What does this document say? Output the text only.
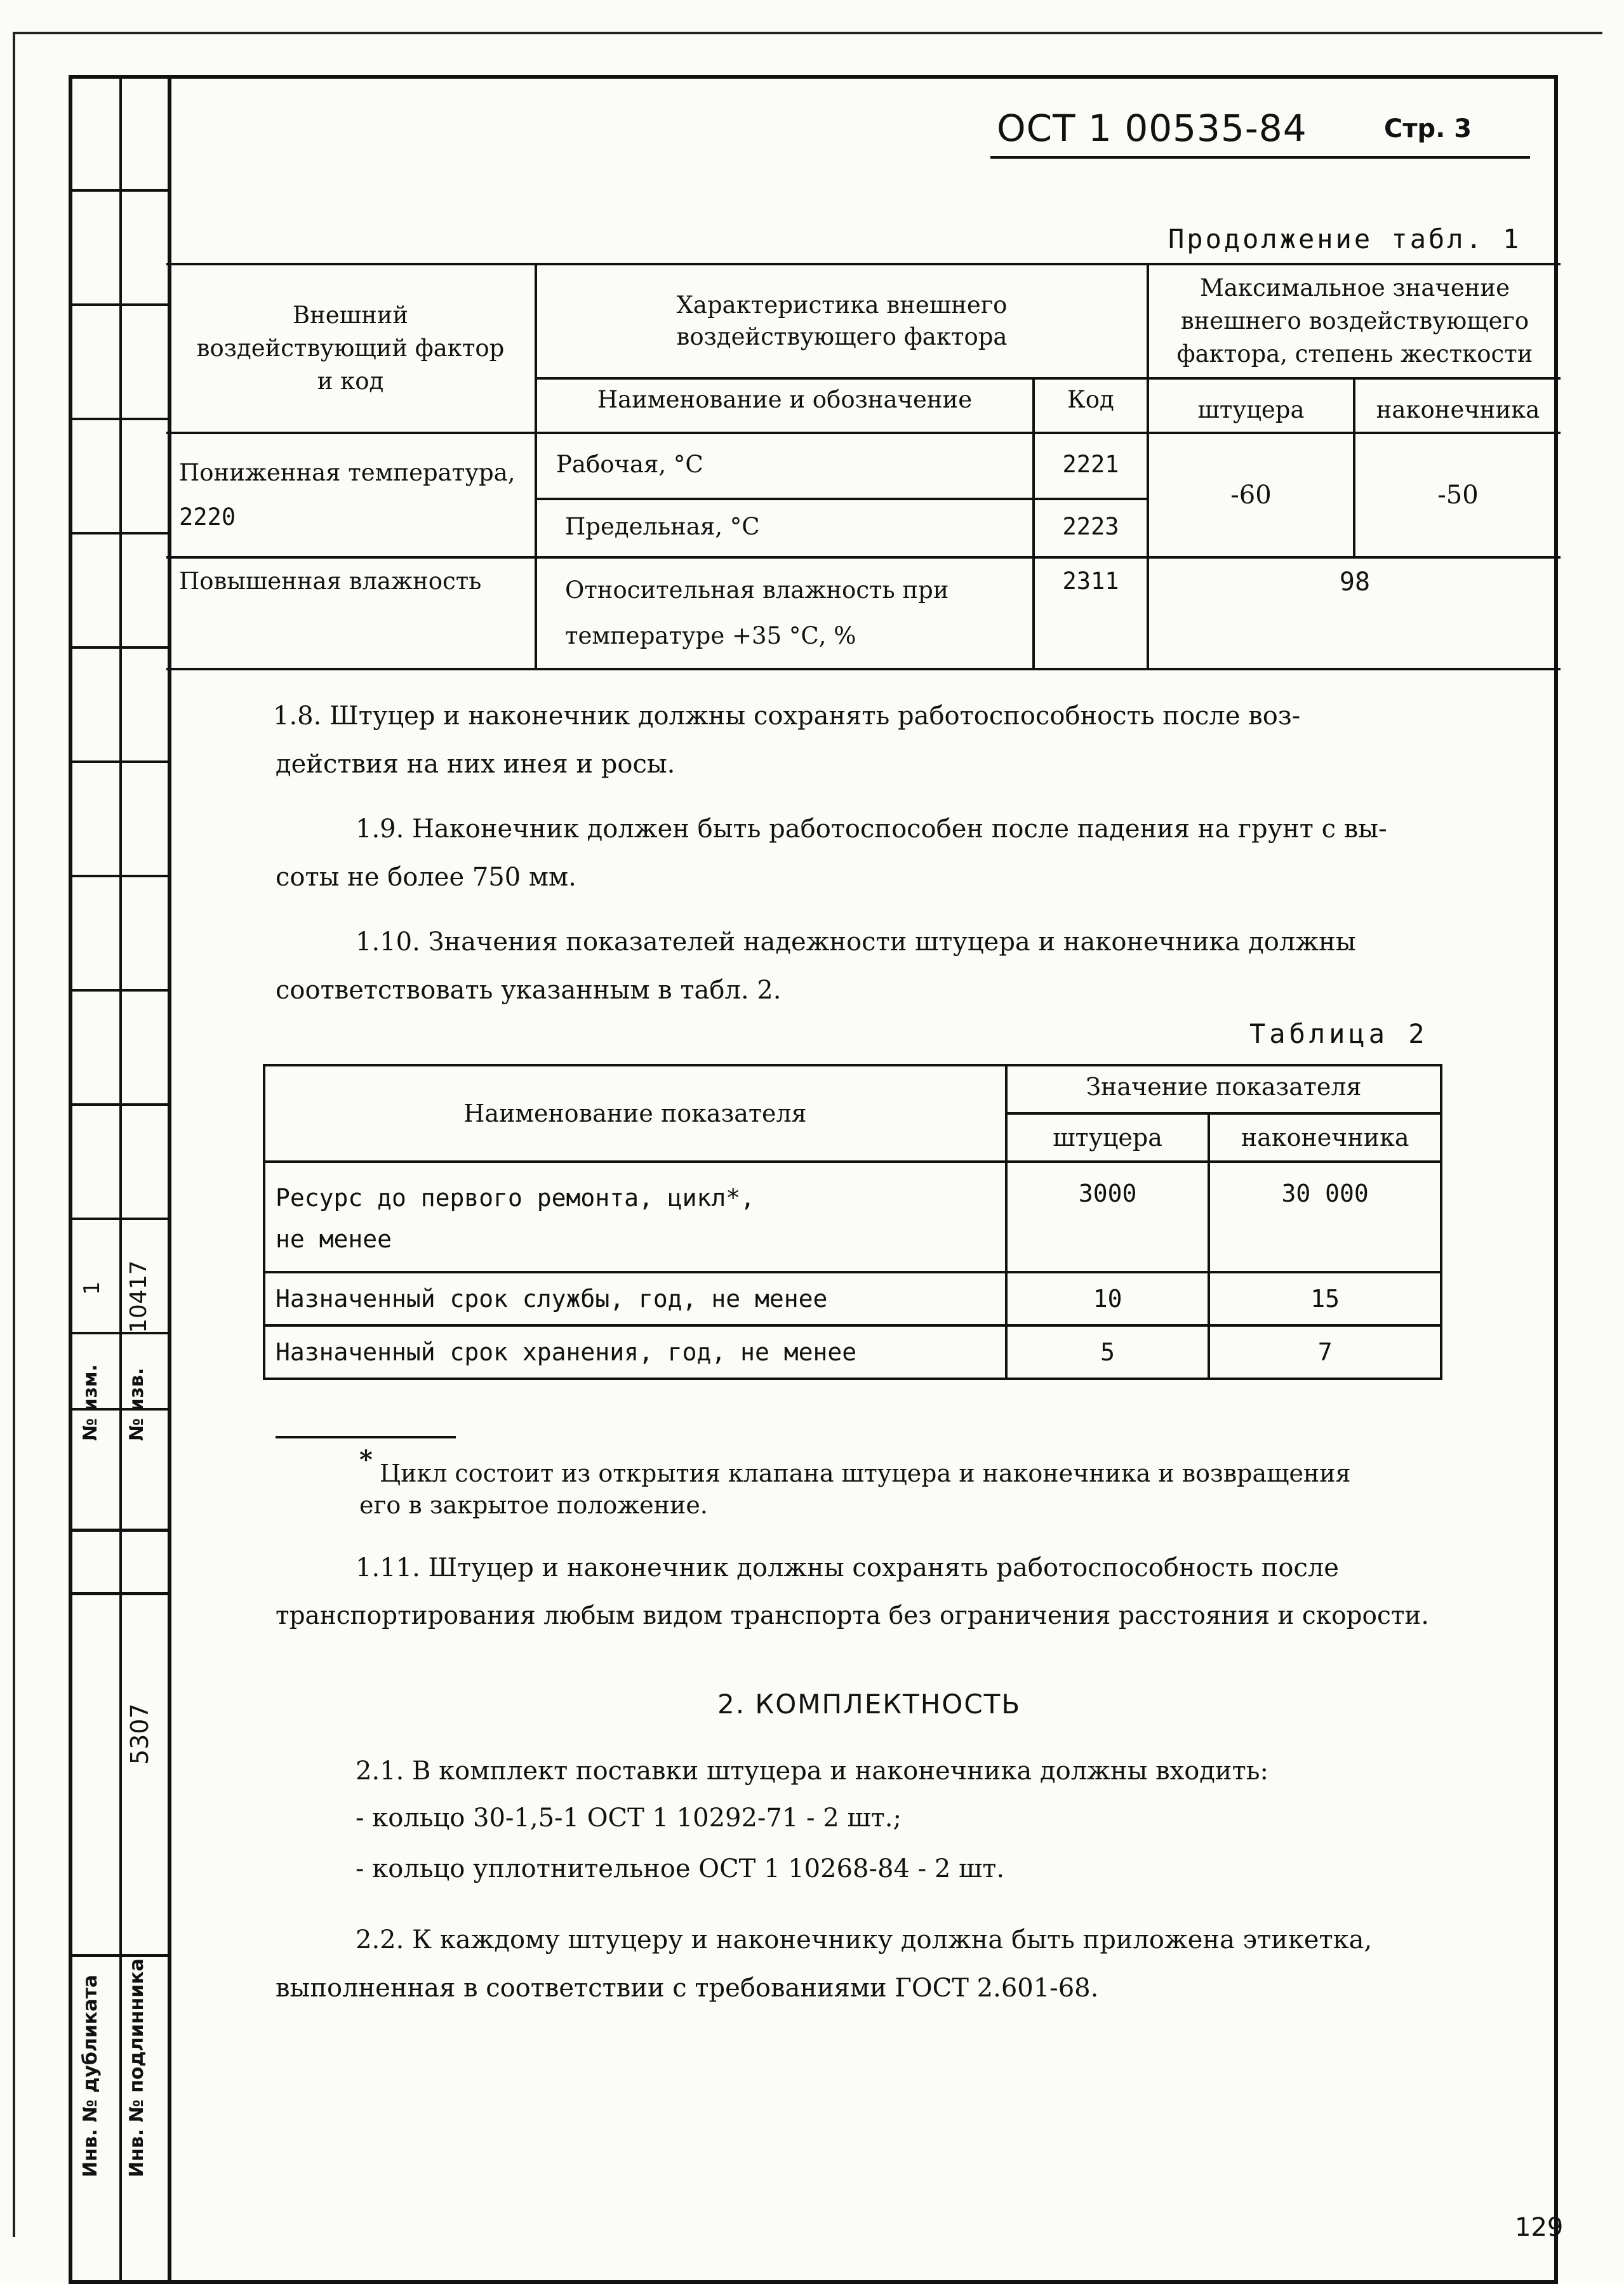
1 10417
№ изм. № изв.
5307
Инв. № дубликата Инв. № подлинника
ОСТ 1 00535-84	Стр. 3
Продолжение табл. 1
Внешний воздействующий фактор и код	Характеристика внешнего воздействующего фактора		Максимальное значение внешнего воздействующего фактора, степень жесткости	

	Наименование и обозначение	Код	штуцера	наконечника

Пониженная температура,
2220	Рабочая, °С	2221	-60	-50
	Предельная, °С	2223		
Повышенная влажность	Относительная влажность при
температуре +35 °С, %	2311	98	
1.8. Штуцер и наконечник должны сохранять работоспособность после воз-
действия на них инея и росы.
1.9. Наконечник должен быть работоспособен после падения на грунт с вы-
соты не более 750 мм.
1.10. Значения показателей надежности штуцера и наконечника должны
соответствовать указанным в табл. 2.
Таблица 2
Наименование показателя	Значение показателя	
	штуцера	наконечника

Ресурс до первого ремонта, цикл*,
не менее	3000	30 000
Назначенный срок службы, год, не менее	10	15
Назначенный срок хранения, год, не менее	5	7
* Цикл состоит из открытия клапана штуцера и наконечника и возвращения
его в закрытое положение.
1.11. Штуцер и наконечник должны сохранять работоспособность после
транспортирования любым видом транспорта без ограничения расстояния и скорости.
2. КОМПЛЕКТНОСТЬ
2.1. В комплект поставки штуцера и наконечника должны входить:
- кольцо 30-1,5-1 ОСТ 1 10292-71 - 2 шт.;
- кольцо уплотнительное ОСТ 1 10268-84 - 2 шт.
2.2. К каждому штуцеру и наконечнику должна быть приложена этикетка,
выполненная в соответствии с требованиями ГОСТ 2.601-68.
129
